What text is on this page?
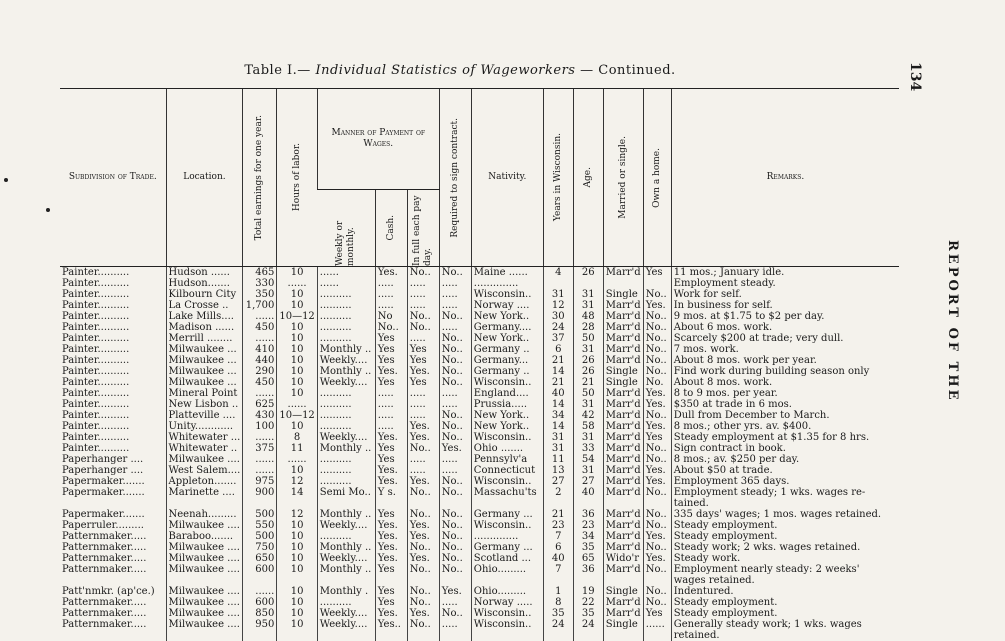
Table I.— Individual Statistics of Wageworkers — Continued.	134
REPORT OF THE
Subdivision of Trade.	Location.	Total earnings for one year.	Hours of labor.	Manner of Payment of Wages.			Required to sign contract.	Nativity.	Years in Wisconsin.	Age.	Married or single.	Own a home.	Remarks.

				Weekly or monthly.	Cash.	In full each pay day.							

Painter..........	Hudson ......	465	10	......	Yes.	No..	No..	Maine ......	4	26	Marr'd	Yes	11 mos.; January idle.
Painter..........	Hudson.......	330	......	......	.....	.....	.....	..............					Employment steady.
Painter..........	Kilbourn City	350	10	..........	.....	.....	.....	Wisconsin..	31	31	Single	No..	Work for self.
Painter..........	La Crosse ..	1,700	10	..........	.....	.....	.....	Norway ....	12	31	Marr'd	Yes.	In business for self.
Painter..........	Lake Mills....	......	10—12	..........	No	No..	No..	New York..	30	48	Marr'd	No..	9 mos. at $1.75 to $2 per day.
Painter..........	Madison ......	450	10	..........	No..	No..	.....	Germany....	24	28	Marr'd	No..	About 6 mos. work.
Painter..........	Merrill ........	......	10	..........	Yes	.....	No..	New York..	37	50	Marr'd	No..	Scarcely $200 at trade; very dull.
Painter..........	Milwaukee ...	410	10	Monthly ..	Yes	Yes	No..	Germany ..	6	31	Marr'd	No..	7 mos. work.
Painter..........	Milwaukee ...	440	10	Weekly....	Yes	Yes	No..	Germany...	21	26	Marr'd	No..	About 8 mos. work per year.
Painter..........	Milwaukee ...	290	10	Monthly ..	Yes.	Yes.	No..	Germany ..	14	26	Single	No..	Find work during building season only
Painter..........	Milwaukee ...	450	10	Weekly....	Yes	Yes	No..	Wisconsin..	21	21	Single	No.	About 8 mos. work.
Painter..........	Mineral Point	......	10	..........	.....	.....	.....	England....	40	50	Marr'd	Yes.	8 to 9 mos. per year.
Painter..........	New Lisbon ..	625	......	..........	.....	.....	.....	Prussia.....	14	31	Marr'd	Yes.	$350 at trade in 6 mos.
Painter..........	Platteville ....	430	10—12	..........	.....	.....	No..	New York..	34	42	Marr'd	No..	Dull from December to March.
Painter..........	Unity............	100	10	..........	.....	Yes.	No..	New York..	14	58	Marr'd	Yes.	8 mos.; other yrs. av. $400.
Painter..........	Whitewater ...	......	8	Weekly....	Yes.	Yes.	No..	Wisconsin..	31	31	Marr'd	Yes	Steady employment at $1.35 for 8 hrs.
Painter..........	Whitewater ..	375	11	Monthly ..	Yes	No..	Yes.	Ohio .......	31	33	Marr'd	No..	Sign contract in book.
Paperhanger ....	Milwaukee ....	......	......	..........	Yes	.....	.....	Pennsylv'a	11	54	Marr'd	No..	8 mos.; av. $250 per day.
Paperhanger ....	West Salem....	......	10	..........	Yes.	.....	.....	Connecticut	13	31	Marr'd	Yes.	About $50 at trade.
Papermaker.......	Appleton.......	975	12	..........	Yes.	Yes.	No..	Wisconsin..	27	27	Marr'd	Yes.	Employment 365 days.
Papermaker.......	Marinette ....	900	14	Semi Mo..	Y s.	No..	No..	Massachu'ts	2	40	Marr'd	No..	Employment steady; 1 wks. wages re-
													tained.
Papermaker.......	Neenah.........	500	12	Monthly ..	Yes	No..	No..	Germany ...	21	36	Marr'd	No..	335 days' wages; 1 mos. wages retained.
Paperruler.........	Milwaukee ....	550	10	Weekly....	Yes.	Yes.	No..	Wisconsin..	23	23	Marr'd	No..	Steady employment.
Patternmaker.....	Baraboo.......	500	10	..........	Yes.	Yes.	No..	..............	7	34	Marr'd	Yes.	Steady employment.
Patternmaker.....	Milwaukee ....	750	10	Monthly ..	Yes.	No..	No..	Germany ...	6	35	Marr'd	No..	Steady work; 2 wks. wages retained.
Patternmaker.....	Milwaukee ....	650	10	Weekly....	Yes.	Yes.	No..	Scotland ...	40	65	Wido'r	Yes.	Steady work.
Patternmaker.....	Milwaukee ....	600	10	Monthly ..	Yes	No..	No..	Ohio.........	7	36	Marr'd	No..	Employment nearly steady: 2 weeks'
													wages retained.
Patt'nmkr. (ap'ce.)	Milwaukee ....	......	10	Monthly .	Yes	No..	Yes.	Ohio.........	1	19	Single	No..	Indentured.
Patternmaker.....	Milwaukee ....	600	10	..........	Yes	No..	.....	Norway .....	8	22	Marr'd	No..	Steady employment.
Patternmaker.....	Milwaukee ....	850	10	Weekly....	Yes.	Yes.	No..	Wisconsin..	35	35	Marr'd	Yes	Steady employment.
Patternmaker.....	Milwaukee ....	950	10	Weekly....	Yes..	No..	.....	Wisconsin..	24	24	Single	......	Generally steady work; 1 wks. wages
													retained.
